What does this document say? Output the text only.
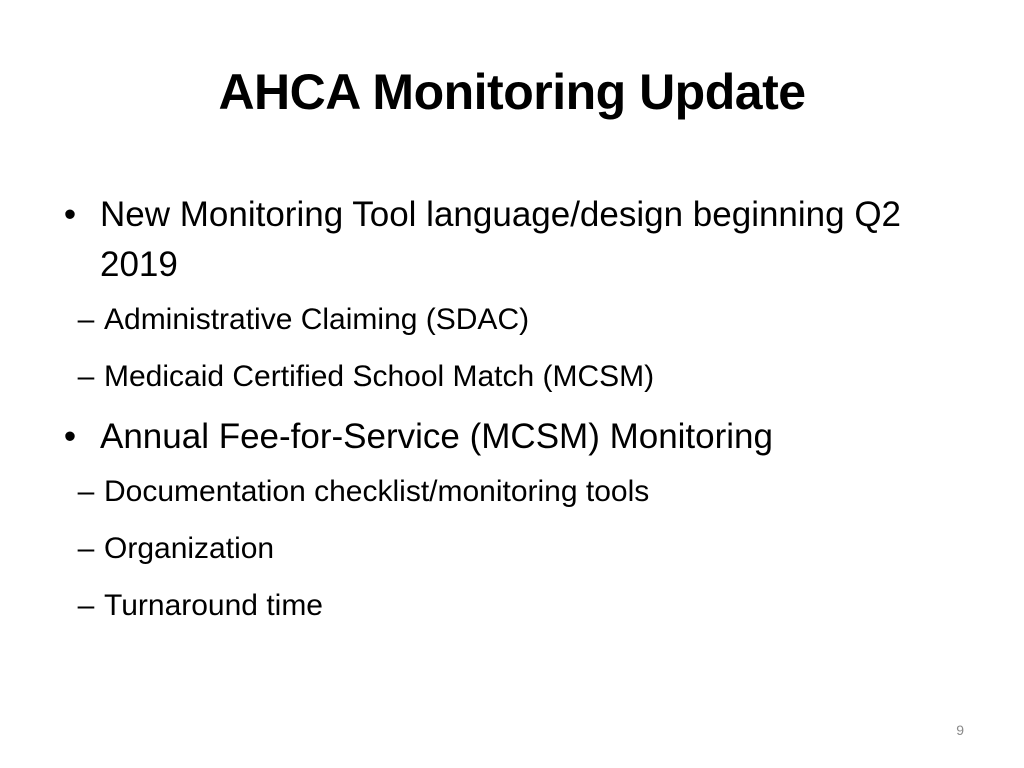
AHCA Monitoring Update
• New Monitoring Tool language/design beginning Q2 2019
– Administrative Claiming (SDAC)
– Medicaid Certified School Match (MCSM)
• Annual Fee-for-Service (MCSM) Monitoring
– Documentation checklist/monitoring tools
– Organization
– Turnaround time
9
